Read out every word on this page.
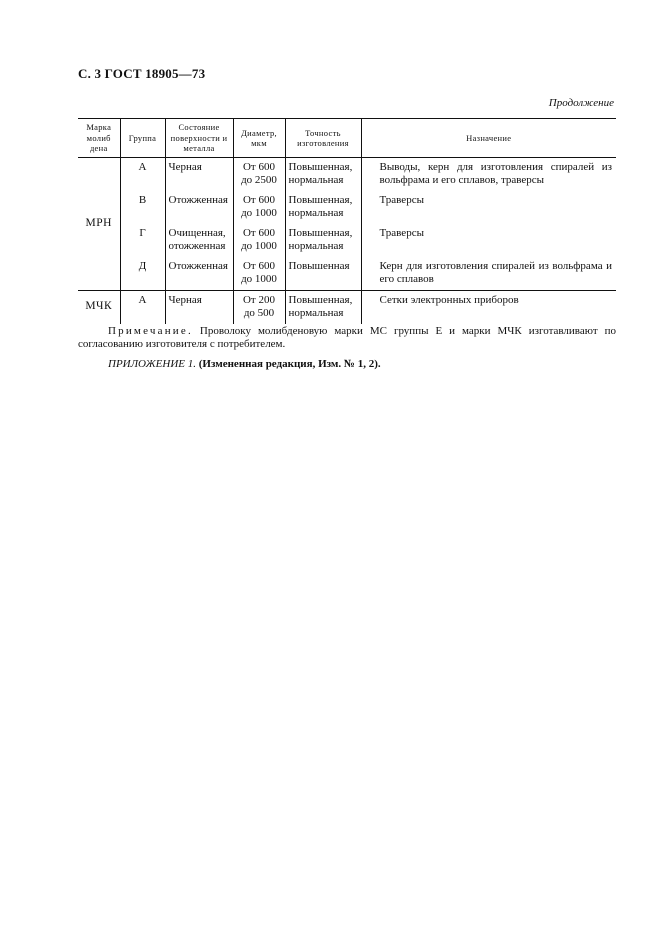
С. 3 ГОСТ 18905—73
Продолжение
Марка молиб дена	Группа	Состояние поверхности и металла	Диаметр, мкм	Точность изготовления	Назначение
МРН	А	Черная	От 600 до 2500	Повышенная, нормальная	Выводы, керн для изготовления спиралей из вольфрама и его сплавов, траверсы
	В	Отожженная	От 600 до 1000	Повышенная, нормальная	Траверсы
	Г	Очищенная, отожженная	От 600 до 1000	Повышенная, нормальная	Траверсы
	Д	Отожженная	От 600 до 1000	Повышенная	Керн для изготовления спиралей из вольфрама и его сплавов
МЧК	А	Черная	От 200 до 500	Повышенная, нормальная	Сетки электронных приборов
Примечание. Проволоку молибденовую марки МС группы Е и марки МЧК изготавливают по согласованию изготовителя с потребителем.
ПРИЛОЖЕНИЕ 1. (Измененная редакция, Изм. № 1, 2).
